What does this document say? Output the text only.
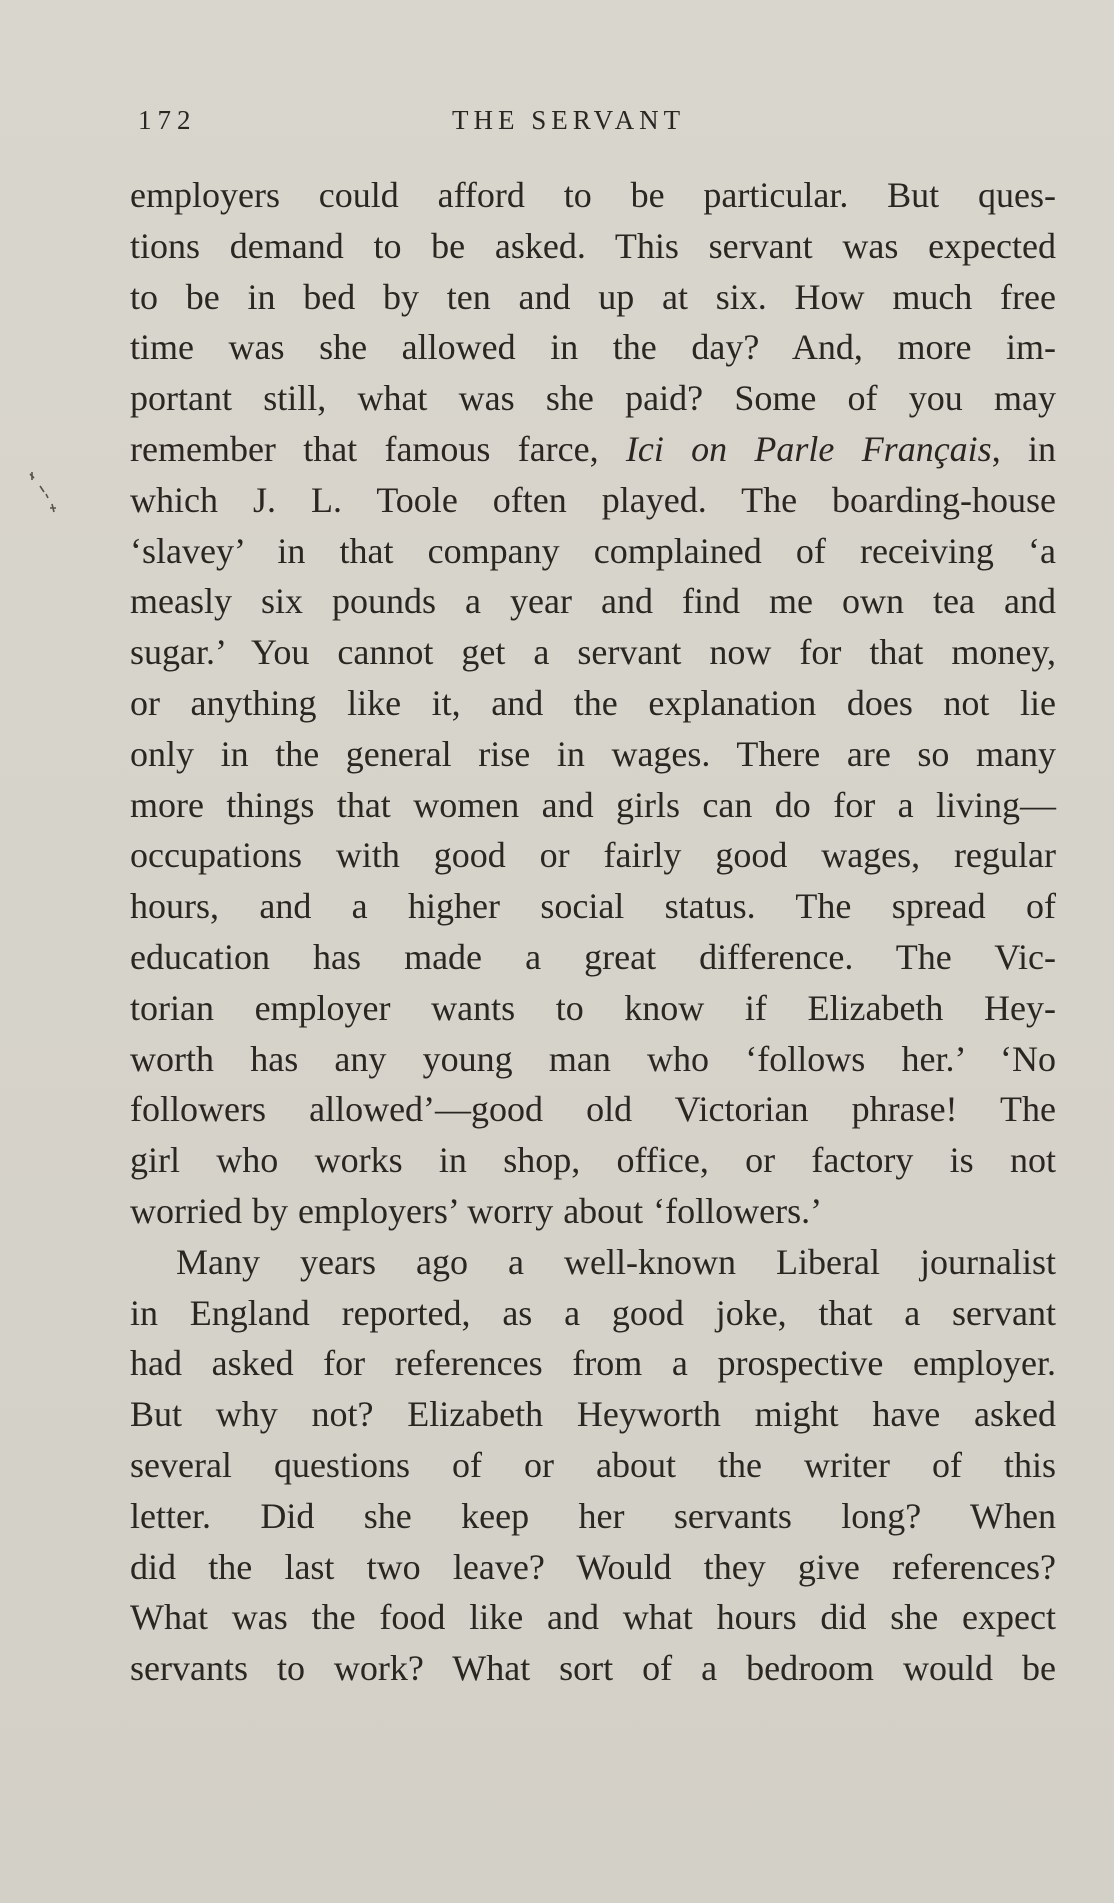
172	THE SERVANT
employers could afford to be particular. But ques-
tions demand to be asked. This servant was expected
to be in bed by ten and up at six. How much free
time was she allowed in the day? And, more im-
portant still, what was she paid? Some of you may
remember that famous farce, Ici on Parle Français, in
which J. L. Toole often played. The boarding-house
‘slavey’ in that company complained of receiving ‘a
measly six pounds a year and find me own tea and
sugar.’ You cannot get a servant now for that money,
or anything like it, and the explanation does not lie
only in the general rise in wages. There are so many
more things that women and girls can do for a living—
occupations with good or fairly good wages, regular
hours, and a higher social status. The spread of
education has made a great difference. The Vic-
torian employer wants to know if Elizabeth Hey-
worth has any young man who ‘follows her.’ ‘No
followers allowed’—good old Victorian phrase! The
girl who works in shop, office, or factory is not
worried by employers’ worry about ‘followers.’
Many years ago a well-known Liberal journalist
in England reported, as a good joke, that a servant
had asked for references from a prospective employer.
But why not? Elizabeth Heyworth might have asked
several questions of or about the writer of this
letter. Did she keep her servants long? When
did the last two leave? Would they give references?
What was the food like and what hours did she expect
servants to work? What sort of a bedroom would be
